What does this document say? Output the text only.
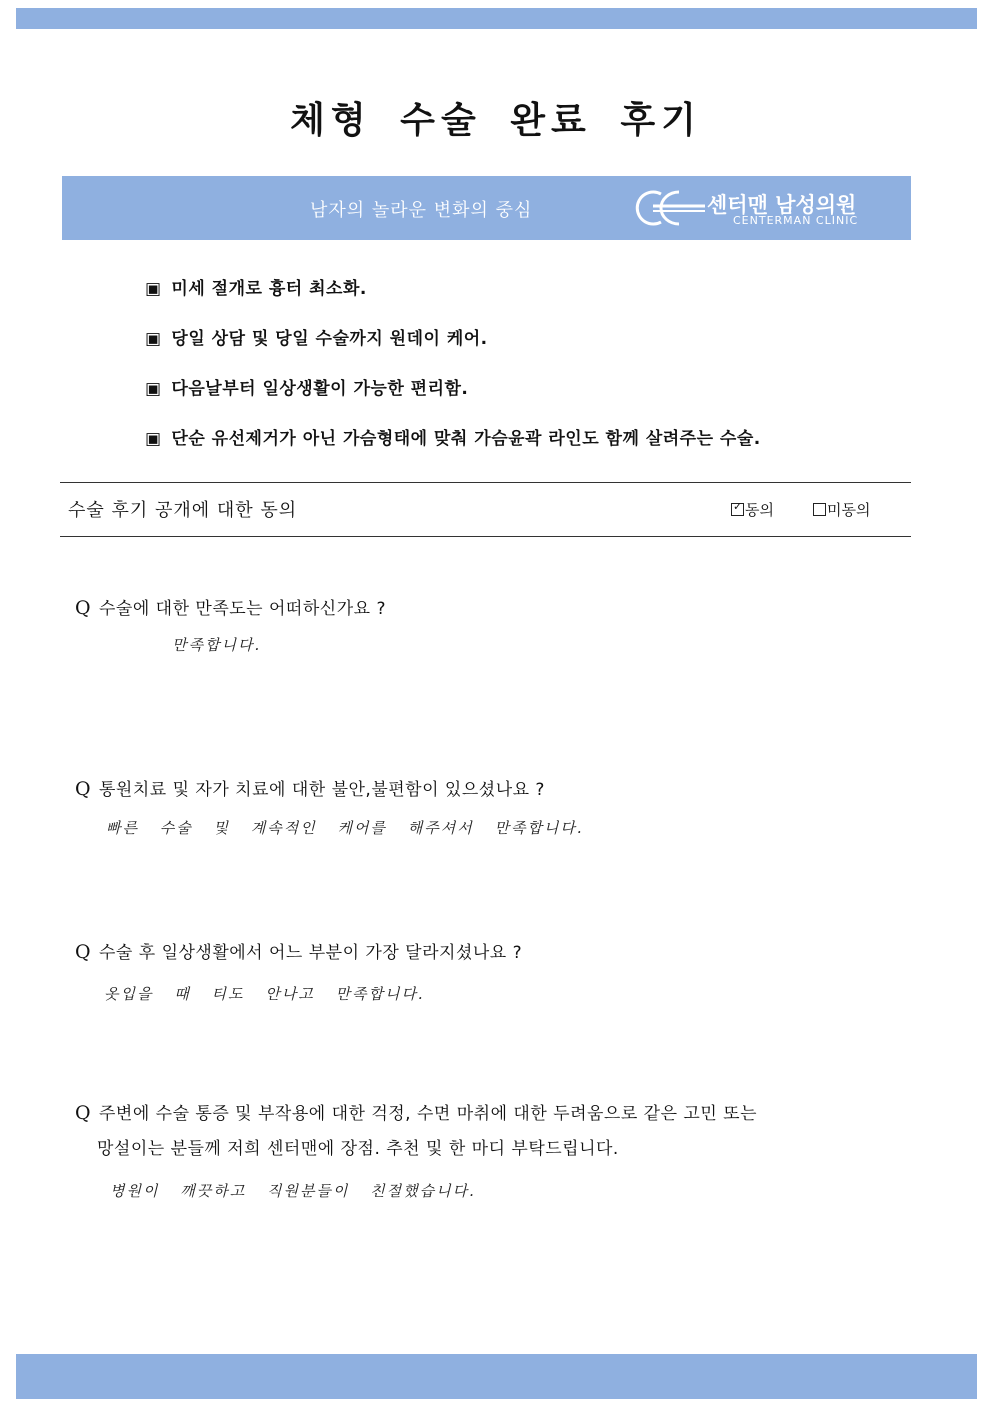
체형 수술 완료 후기
남자의 놀라운 변화의 중심	센터맨 남성의원
CENTERMAN CLINIC
▣ 미세 절개로 흉터 최소화.
▣ 당일 상담 및 당일 수술까지 원데이 케어.
▣ 다음날부터 일상생활이 가능한 편리함.
▣ 단순 유선제거가 아닌 가슴형태에 맞춰 가슴윤곽 라인도 함께 살려주는 수술.
수술 후기 공개에 대한 동의	✓ 동의	미동의
Q 수술에 대한 만족도는 어떠하신가요 ?
만족합니다.
Q 통원치료 및 자가 치료에 대한 불안,불편함이 있으셨나요 ?
빠른 수술 및 계속적인 케어를 해주셔서 만족합니다.
Q 수술 후 일상생활에서 어느 부분이 가장 달라지셨나요 ?
옷입을 때 티도 안나고 만족합니다.
Q 주변에 수술 통증 및 부작용에 대한 걱정, 수면 마취에 대한 두려움으로 같은 고민 또는
망설이는 분들께 저희 센터맨에 장점. 추천 및 한 마디 부탁드립니다.
병원이 깨끗하고 직원분들이 친절했습니다.
